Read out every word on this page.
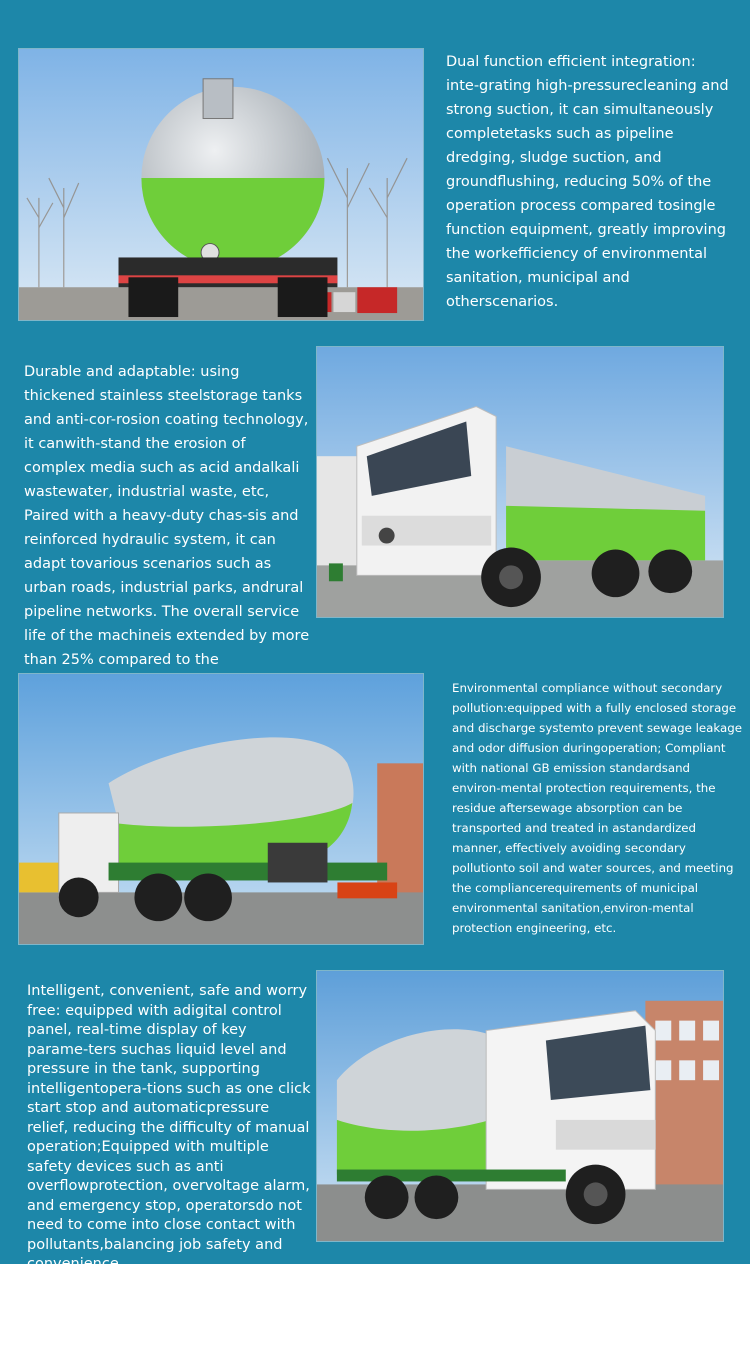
Dual function efficient integration: inte-grating high-pressurecleaning and strong suction, it can simultaneously completetasks such as pipeline dredging, sludge suction, and groundflushing, reducing 50% of the operation process compared tosingle function equipment, greatly improving the workefficiency of environmental sanitation, municipal and otherscenarios.

Durable and adaptable: using thickened stainless steelstorage tanks and anti-cor-rosion coating technology, it canwith-stand the erosion of complex media such as acid andalkali wastewater, industrial waste, etc, Paired with a heavy-duty chas-sis and reinforced hydraulic system, it can adapt tovarious scenarios such as urban roads, industrial parks, andrural pipeline networks. The overall service life of the machineis extended by more than 25% compared to the

Environmental compliance without secondary pollution:equipped with a fully enclosed storage and discharge systemto prevent sewage leakage and odor diffusion duringoperation; Compliant with national GB emission standardsand environ-mental protection requirements, the residue aftersewage absorption can be transported and treated in astandardized manner, effectively avoiding secondary pollutionto soil and water sources, and meeting the compliancerequirements of municipal environmental sanitation,environ-mental protection engineering, etc.

Intelligent, convenient, safe and worry free: equipped with adigital control panel, real-time display of key parame-ters suchas liquid level and pressure in the tank, supporting intelligentopera-tions such as one click start stop and automaticpressure relief, reducing the difficulty of manual operation;Equipped with multiple safety devices such as anti overflowprotection, overvoltage alarm, and emergency stop, operatorsdo not need to come into close contact with pollutants,balancing job safety and convenience.
